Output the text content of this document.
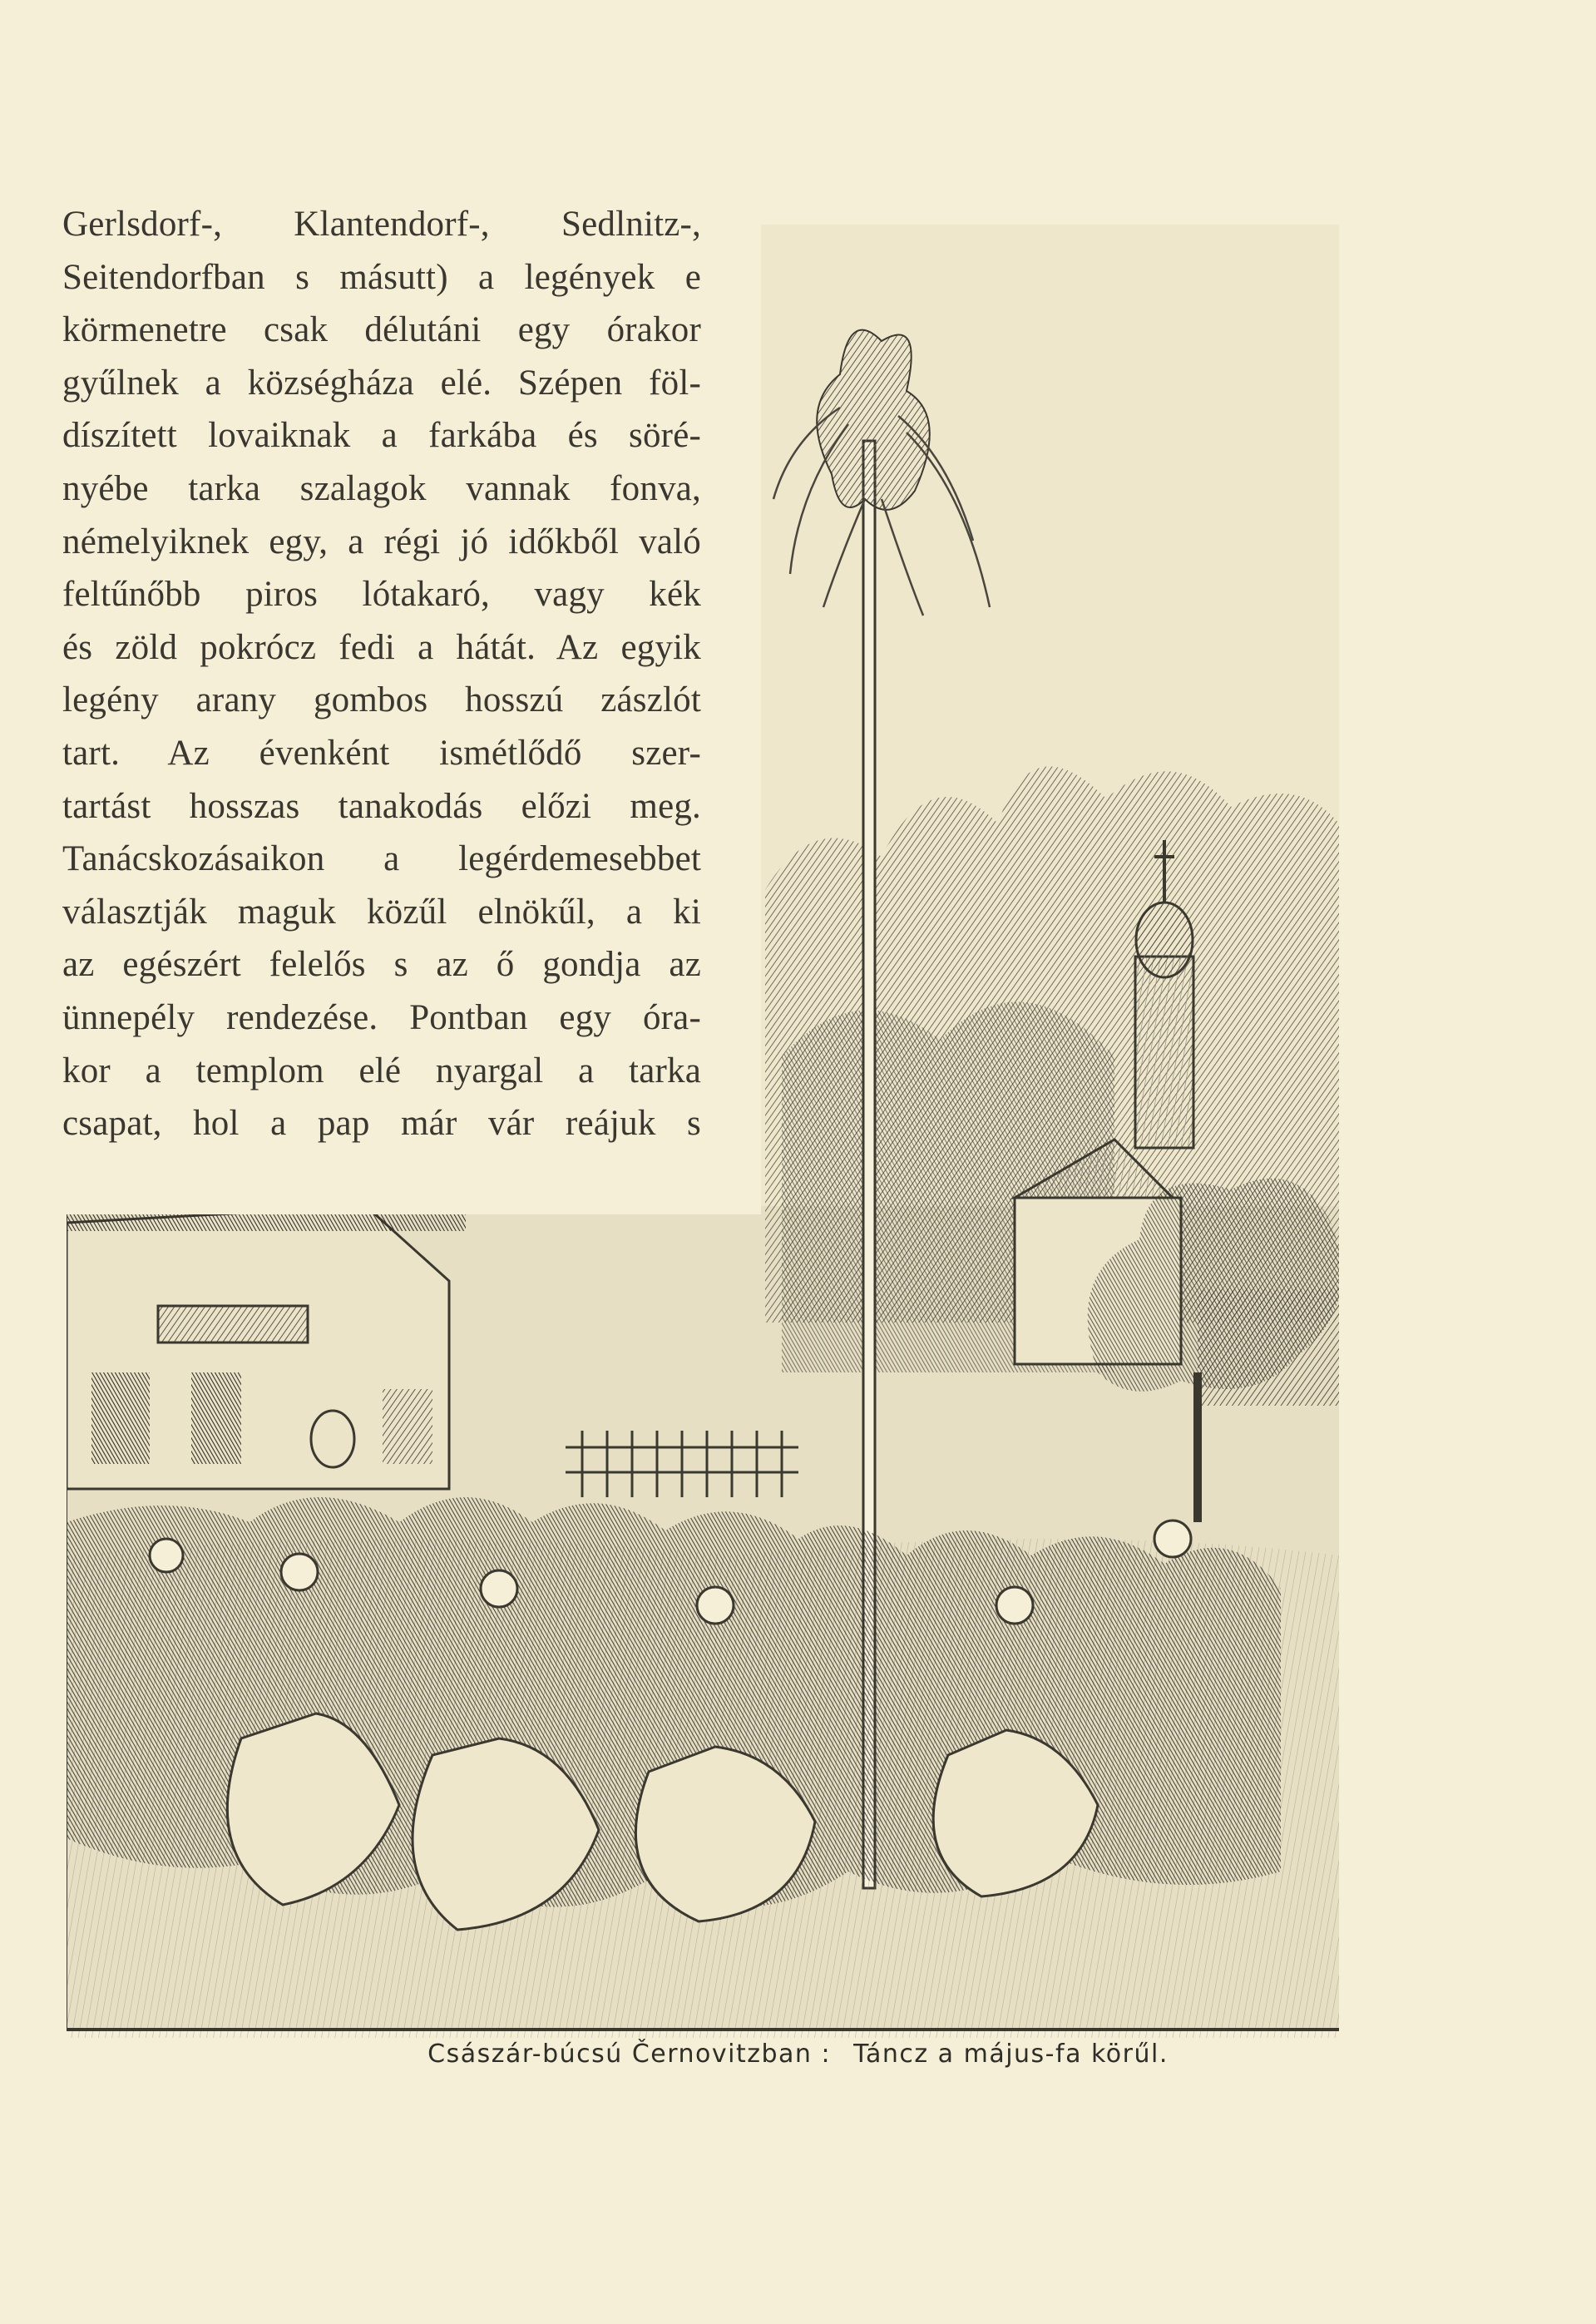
Gerlsdorf-, Klantendorf-, Sedlnitz-,
Seitendorfban s másutt) a legények e
körmenetre csak délutáni egy órakor
gyűlnek a községháza elé. Szépen föl-
díszített lovaiknak a farkába és söré-
nyébe tarka szalagok vannak fonva,
némelyiknek egy, a régi jó időkből való
feltűnőbb piros lótakaró, vagy kék
és zöld pokrócz fedi a hátát. Az egyik
legény arany gombos hosszú zászlót
tart. Az évenként ismétlődő szer-
tartást hosszas tanakodás előzi meg.
Tanácskozásaikon a legérdemesebbet
választják maguk közűl elnökűl, a ki
az egészért felelős s az ő gondja az
ünnepély rendezése. Pontban egy óra-
kor a templom elé nyargal a tarka
csapat, hol a pap már vár reájuk s
Császár-búcsú Černovitzban : Táncz a május-fa körűl.
